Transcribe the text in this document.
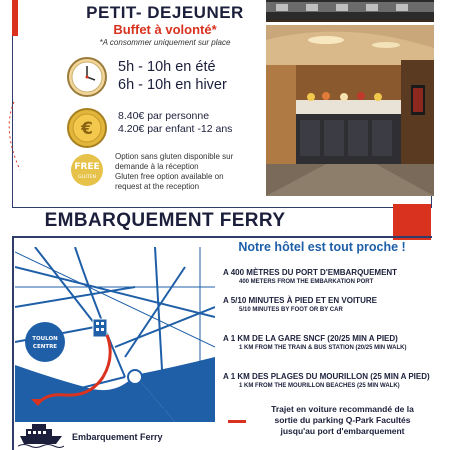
PETIT- DEJEUNER
Buffet à volonté*
*A consommer uniquement sur place
5h - 10h en été
6h - 10h en hiver
€
8.40€ par personne
4.20€ par enfant -12 ans
FREE
GLUTEN
Option sans gluten disponible sur
demande à la réception
Gluten free option available on
request at the reception
EMBARQUEMENT FERRY
Notre hôtel est tout proche !
TOULON
CENTRE
Embarquement Ferry
A 400 MÈTRES DU PORT D'EMBARQUEMENT
400 METERS FROM THE EMBARKATION PORT
A 5/10 MINUTES À PIED ET EN VOITURE
5/10 MINUTES BY FOOT OR BY CAR
A 1 KM DE LA GARE SNCF (20/25 MIN A PIED)
1 KM FROM THE TRAIN & BUS STATION (20/25 MIN WALK)
A 1 KM DES PLAGES DU MOURILLON (25 MIN A PIED)
1 KM FROM THE MOURILLON BEACHES (25 MIN WALK)
Trajet en voiture recommandé de la
sortie du parking Q-Park Facultés
jusqu'au port d'embarquement
